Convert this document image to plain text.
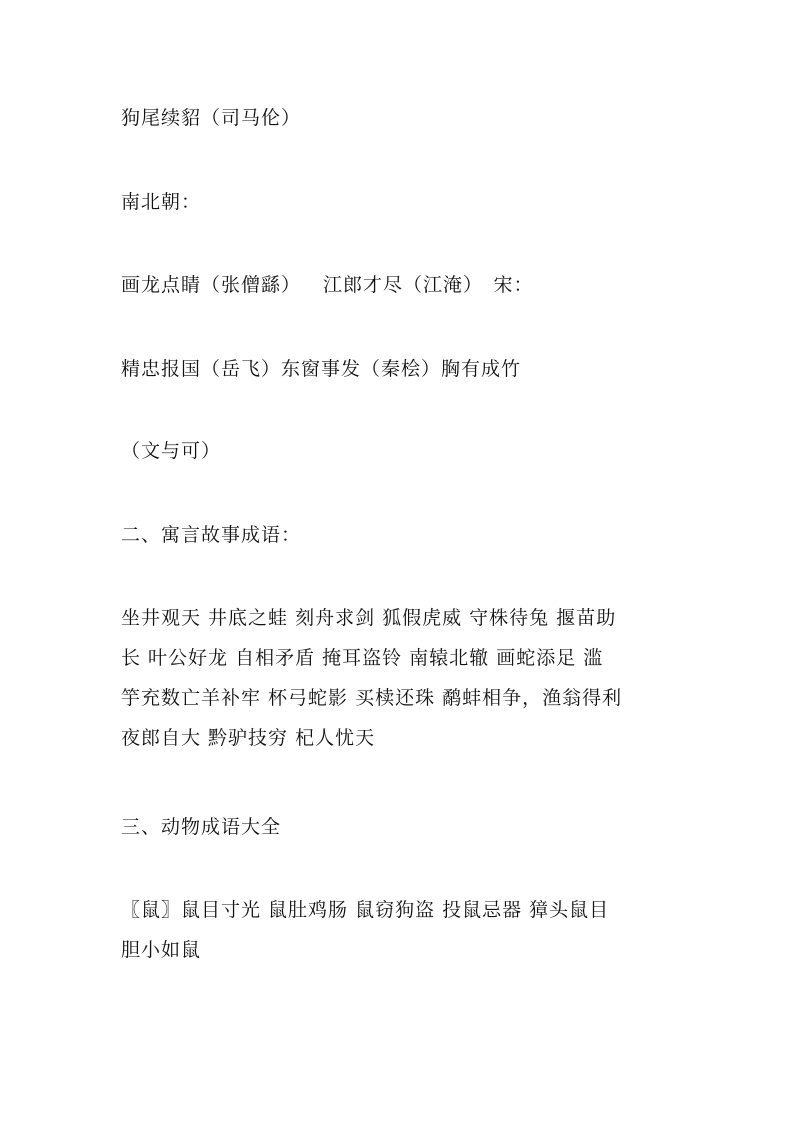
狗尾续貂（司马伦）
南北朝：
画龙点睛（张僧繇） 江郎才尽（江淹）　宋：
精忠报国（岳飞）东窗事发（秦桧）胸有成竹
（文与可）
二、寓言故事成语：
坐井观天 井底之蛙 刻舟求剑 狐假虎威 守株待兔 揠苗助
长 叶公好龙 自相矛盾 掩耳盗铃 南辕北辙 画蛇添足 滥
竽充数亡羊补牢 杯弓蛇影 买椟还珠 鹬蚌相争，渔翁得利
夜郎自大 黔驴技穷 杞人忧天
三、动物成语大全
〖鼠〗鼠目寸光 鼠肚鸡肠 鼠窃狗盗 投鼠忌器 獐头鼠目
胆小如鼠
